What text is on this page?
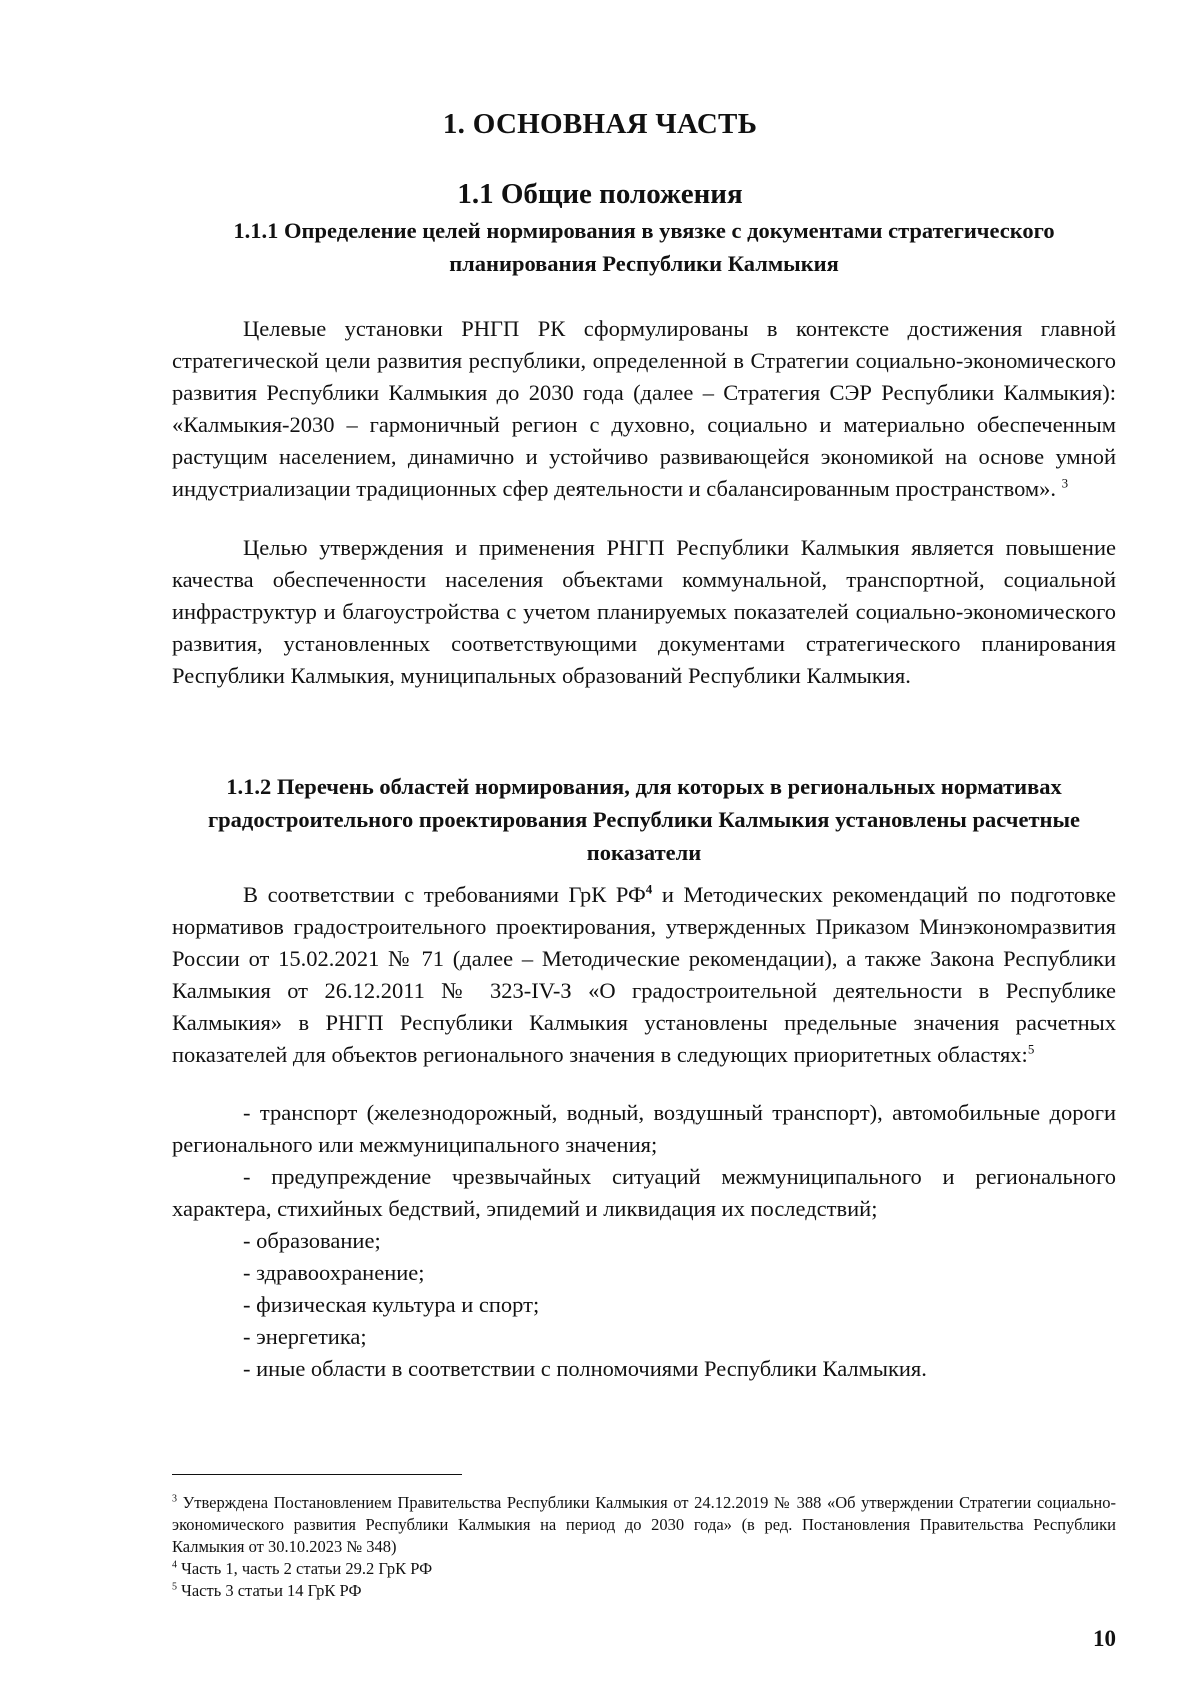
1. ОСНОВНАЯ ЧАСТЬ
1.1 Общие положения
1.1.1 Определение целей нормирования в увязке с документами стратегического планирования Республики Калмыкия
Целевые установки РНГП РК сформулированы в контексте достижения главной стратегической цели развития республики, определенной в Стратегии социально-экономического развития Республики Калмыкия до 2030 года (далее – Стратегия СЭР Республики Калмыкия): «Калмыкия-2030 – гармоничный регион с духовно, социально и материально обеспеченным растущим населением, динамично и устойчиво развивающейся экономикой на основе умной индустриализации традиционных сфер деятельности и сбалансированным пространством». $^3$
Целью утверждения и применения РНГП Республики Калмыкия является повышение качества обеспеченности населения объектами коммунальной, транспортной, социальной инфраструктур и благоустройства с учетом планируемых показателей социально-экономического развития, установленных соответствующими документами стратегического планирования Республики Калмыкия, муниципальных образований Республики Калмыкия.
1.1.2 Перечень областей нормирования, для которых в региональных нормативах градостроительного проектирования Республики Калмыкия установлены расчетные показатели
В соответствии с требованиями ГрК $РФ^4$ и Методических рекомендаций по подготовке нормативов градостроительного проектирования, утвержденных Приказом Минэкономразвития России от 15.02.2021 № 71 (далее – Методические рекомендации), а также Закона Республики Калмыкия от 26.12.2011 № 323-IV-З «О градостроительной деятельности в Республике Калмыкия» в РНГП Республики Калмыкия установлены предельные значения расчетных показателей для объектов регионального значения в следующих приоритетных областях:$^5$
- транспорт (железнодорожный, водный, воздушный транспорт), автомобильные дороги регионального или межмуниципального значения;
- предупреждение чрезвычайных ситуаций межмуниципального и регионального характера, стихийных бедствий, эпидемий и ликвидация их последствий;
- образование;
- здравоохранение;
- физическая культура и спорт;
- энергетика;
- иные области в соответствии с полномочиями Республики Калмыкия.
$^3$ Утверждена Постановлением Правительства Республики Калмыкия от 24.12.2019 № 388 «Об утверждении Стратегии социально-экономического развития Республики Калмыкия на период до 2030 года» (в ред. Постановления Правительства Республики Калмыкия от 30.10.2023 № 348)
$^4$ Часть 1, часть 2 статьи 29.2 ГрК РФ
$^5$ Часть 3 статьи 14 ГрК РФ
10
